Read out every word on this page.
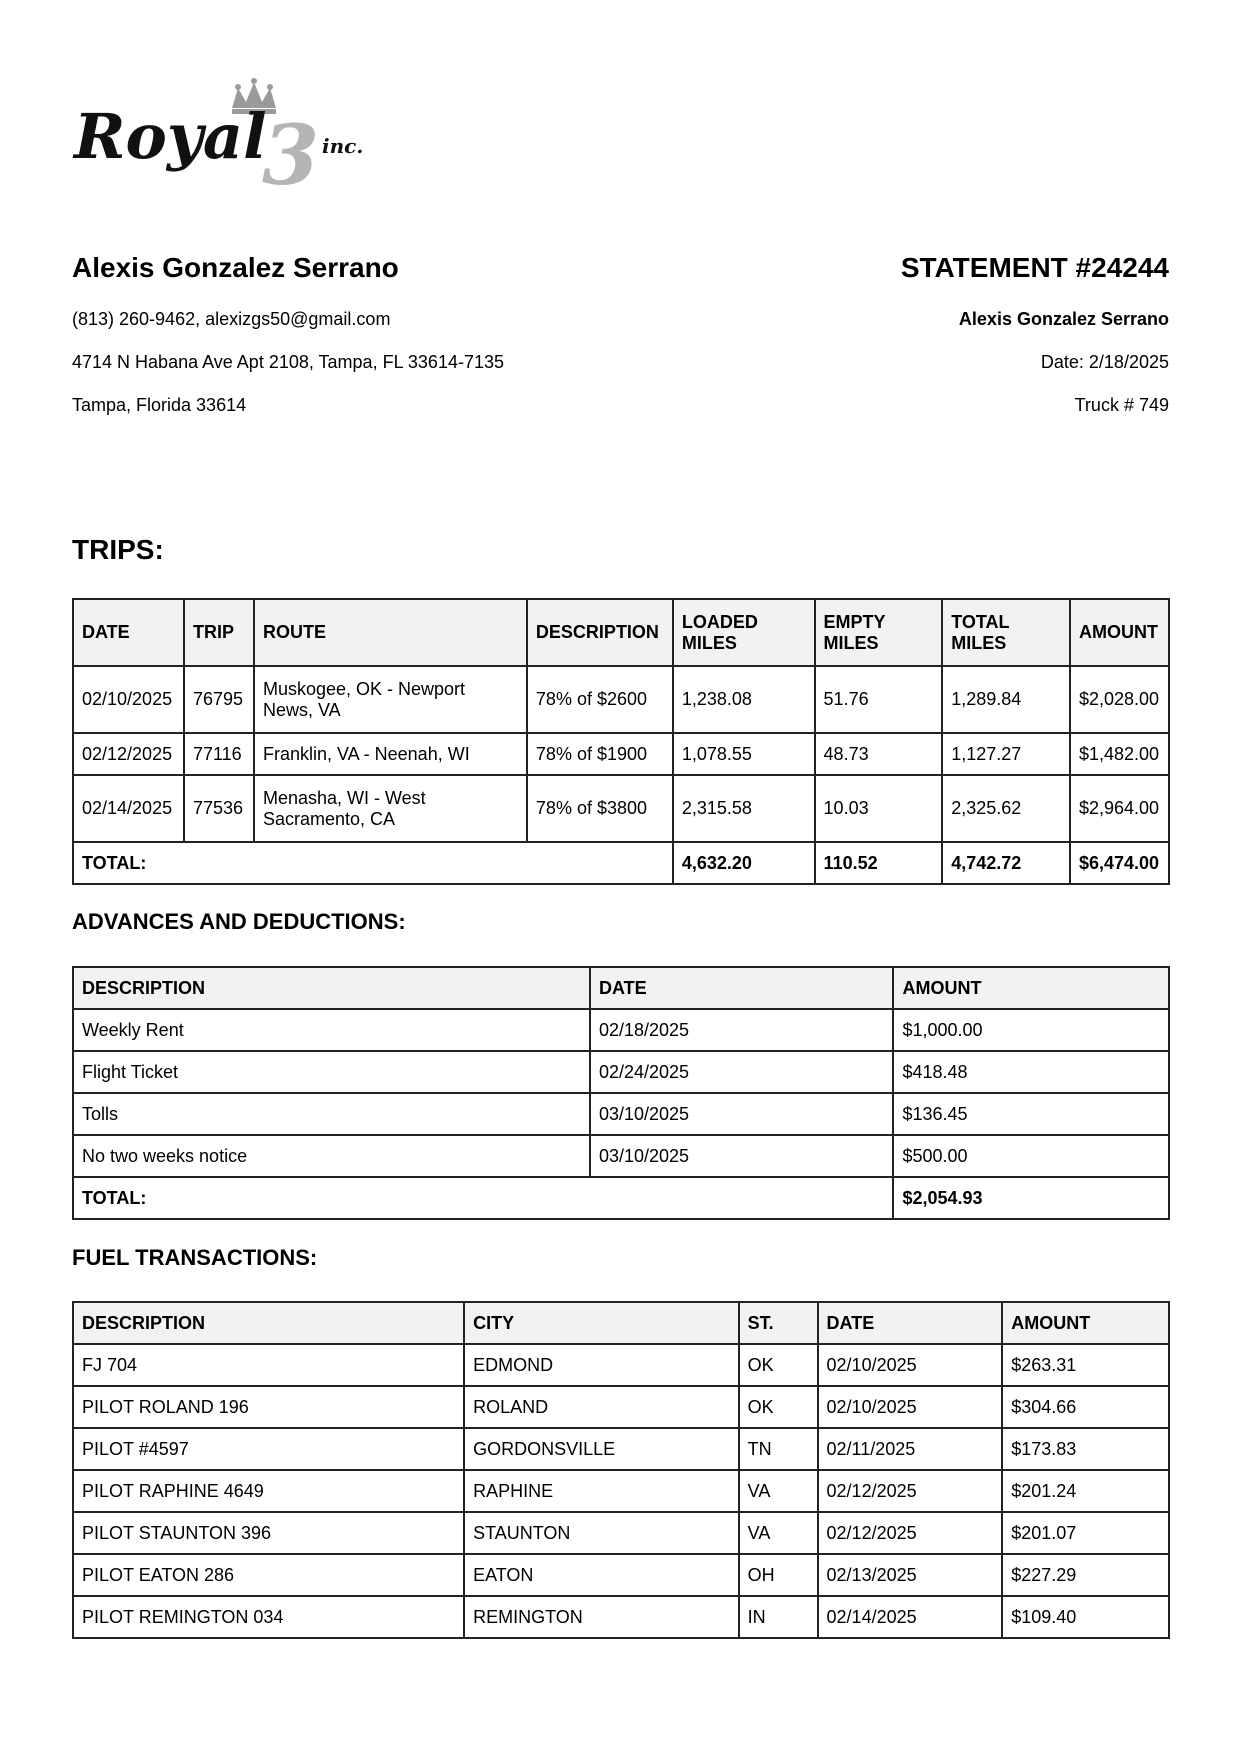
Royal
3 inc.
Alexis Gonzalez Serrano
(813) 260-9462, alexizgs50@gmail.com
4714 N Habana Ave Apt 2108, Tampa, FL 33614-7135
Tampa, Florida 33614
STATEMENT #24244
Alexis Gonzalez Serrano
Date: 2/18/2025
Truck # 749
TRIPS:
DATE	TRIP	ROUTE	DESCRIPTION	LOADED MILES	EMPTY MILES	TOTAL MILES	AMOUNT
02/10/2025	76795	Muskogee, OK - Newport News, VA	78% of $2600	1,238.08	51.76	1,289.84	$2,028.00
02/12/2025	77116	Franklin, VA - Neenah, WI	78% of $1900	1,078.55	48.73	1,127.27	$1,482.00
02/14/2025	77536	Menasha, WI - West Sacramento, CA	78% of $3800	2,315.58	10.03	2,325.62	$2,964.00
TOTAL:				4,632.20	110.52	4,742.72	$6,474.00
ADVANCES AND DEDUCTIONS:
DESCRIPTION	DATE	AMOUNT
Weekly Rent	02/18/2025	$1,000.00
Flight Ticket	02/24/2025	$418.48
Tolls	03/10/2025	$136.45
No two weeks notice	03/10/2025	$500.00
TOTAL:		$2,054.93
FUEL TRANSACTIONS:
DESCRIPTION	CITY	ST.	DATE	AMOUNT
FJ 704	EDMOND	OK	02/10/2025	$263.31
PILOT ROLAND 196	ROLAND	OK	02/10/2025	$304.66
PILOT #4597	GORDONSVILLE	TN	02/11/2025	$173.83
PILOT RAPHINE 4649	RAPHINE	VA	02/12/2025	$201.24
PILOT STAUNTON 396	STAUNTON	VA	02/12/2025	$201.07
PILOT EATON 286	EATON	OH	02/13/2025	$227.29
PILOT REMINGTON 034	REMINGTON	IN	02/14/2025	$109.40
